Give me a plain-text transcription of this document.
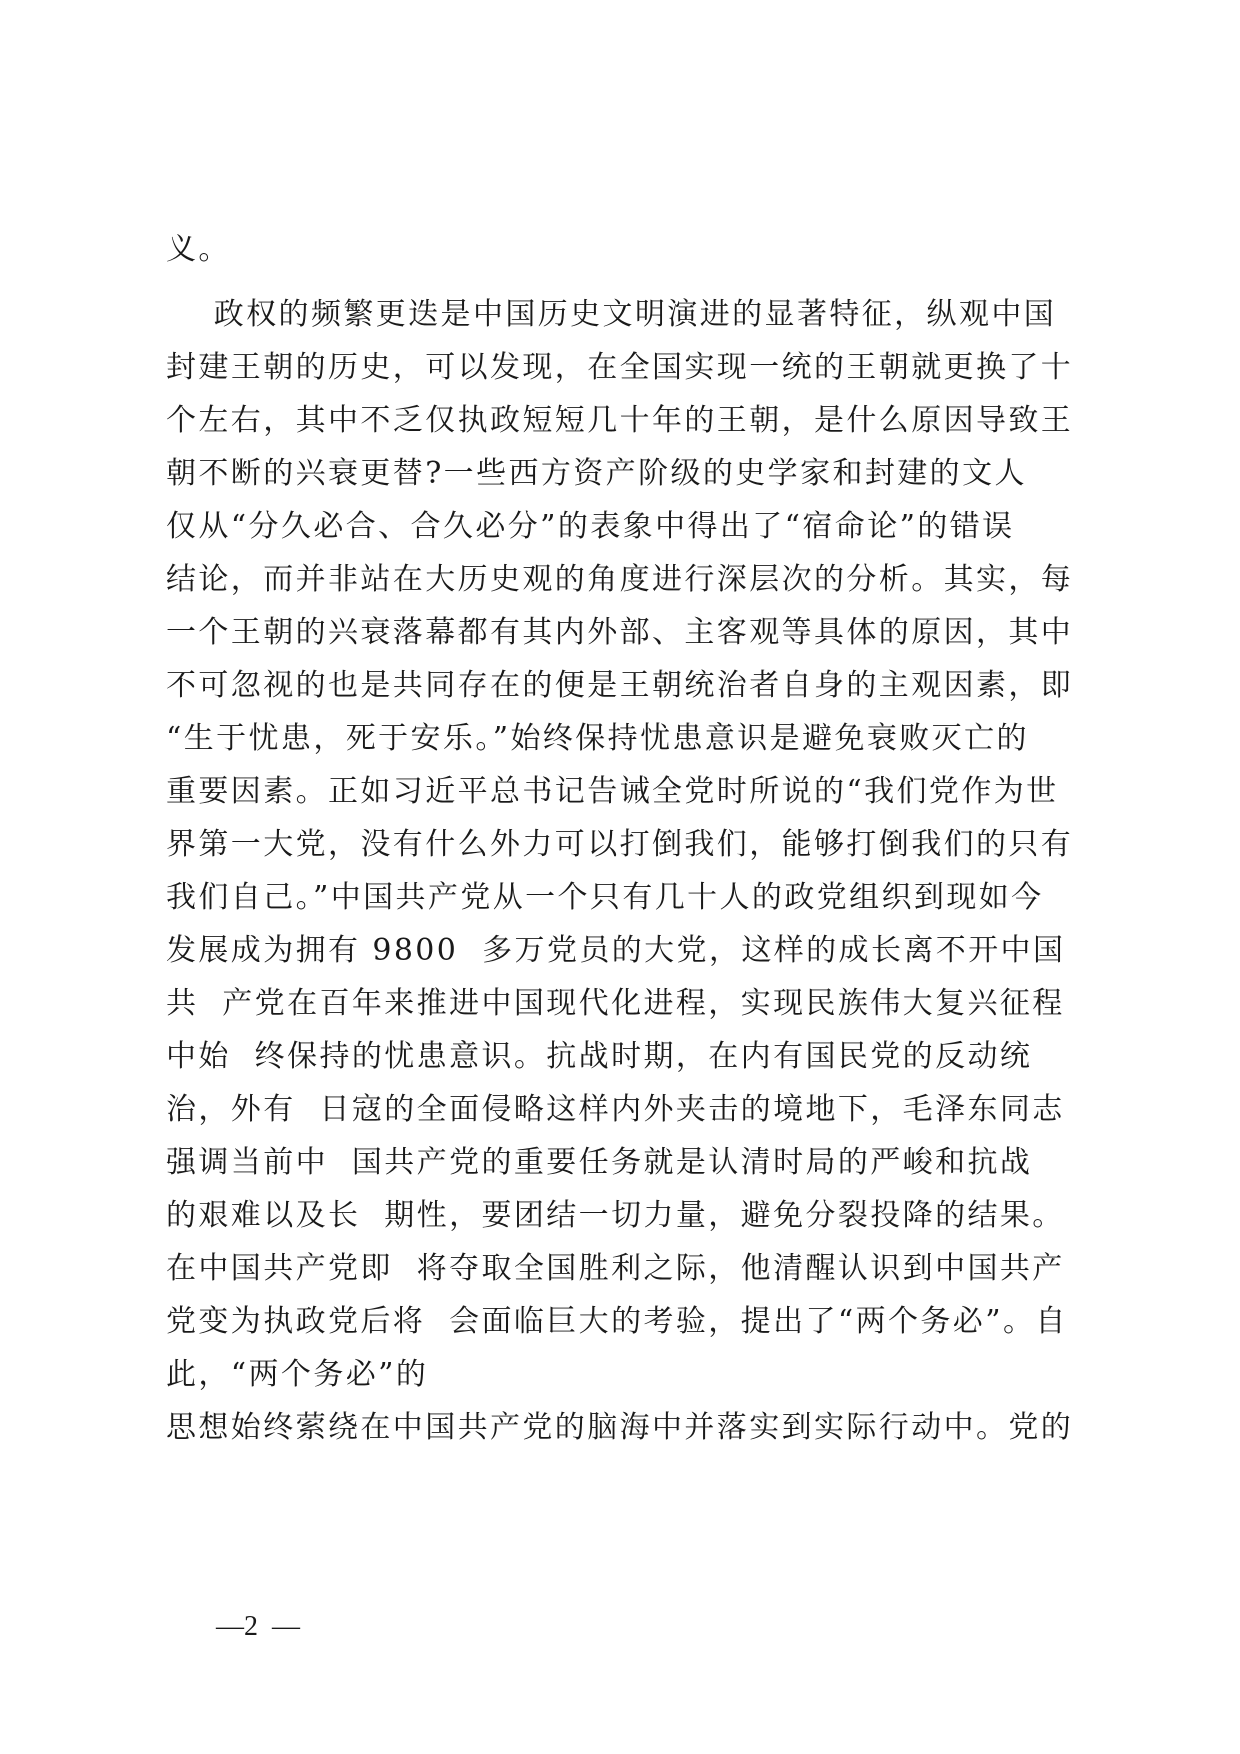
义。
政权的频繁更迭是中国历史文明演进的显著特征，纵观中国
封建王朝的历史，可以发现，在全国实现一统的王朝就更换了十
个左右，其中不乏仅执政短短几十年的王朝，是什么原因导致王
朝不断的兴衰更替?一些西方资产阶级的史学家和封建的文人
仅从“分久必合、合久必分”的表象中得出了“宿命论”的错误
结论，而并非站在大历史观的角度进行深层次的分析。其实，每
一个王朝的兴衰落幕都有其内外部、主客观等具体的原因，其中
不可忽视的也是共同存在的便是王朝统治者自身的主观因素，即
“生于忧患，死于安乐。”始终保持忧患意识是避免衰败灭亡的
重要因素。正如习近平总书记告诫全党时所说的“我们党作为世
界第一大党，没有什么外力可以打倒我们，能够打倒我们的只有
我们自己。”中国共产党从一个只有几十人的政党组织到现如今
发展成为拥有 9800  多万党员的大党，这样的成长离不开中国
共  产党在百年来推进中国现代化进程，实现民族伟大复兴征程
中始  终保持的忧患意识。抗战时期，在内有国民党的反动统
治，外有  日寇的全面侵略这样内外夹击的境地下，毛泽东同志
强调当前中  国共产党的重要任务就是认清时局的严峻和抗战
的艰难以及长  期性，要团结一切力量，避免分裂投降的结果。
在中国共产党即  将夺取全国胜利之际，他清醒认识到中国共产
党变为执政党后将  会面临巨大的考验，提出了“两个务必”。自
此，“两个务必”的
思想始终萦绕在中国共产党的脑海中并落实到实际行动中。党的
—2  —
